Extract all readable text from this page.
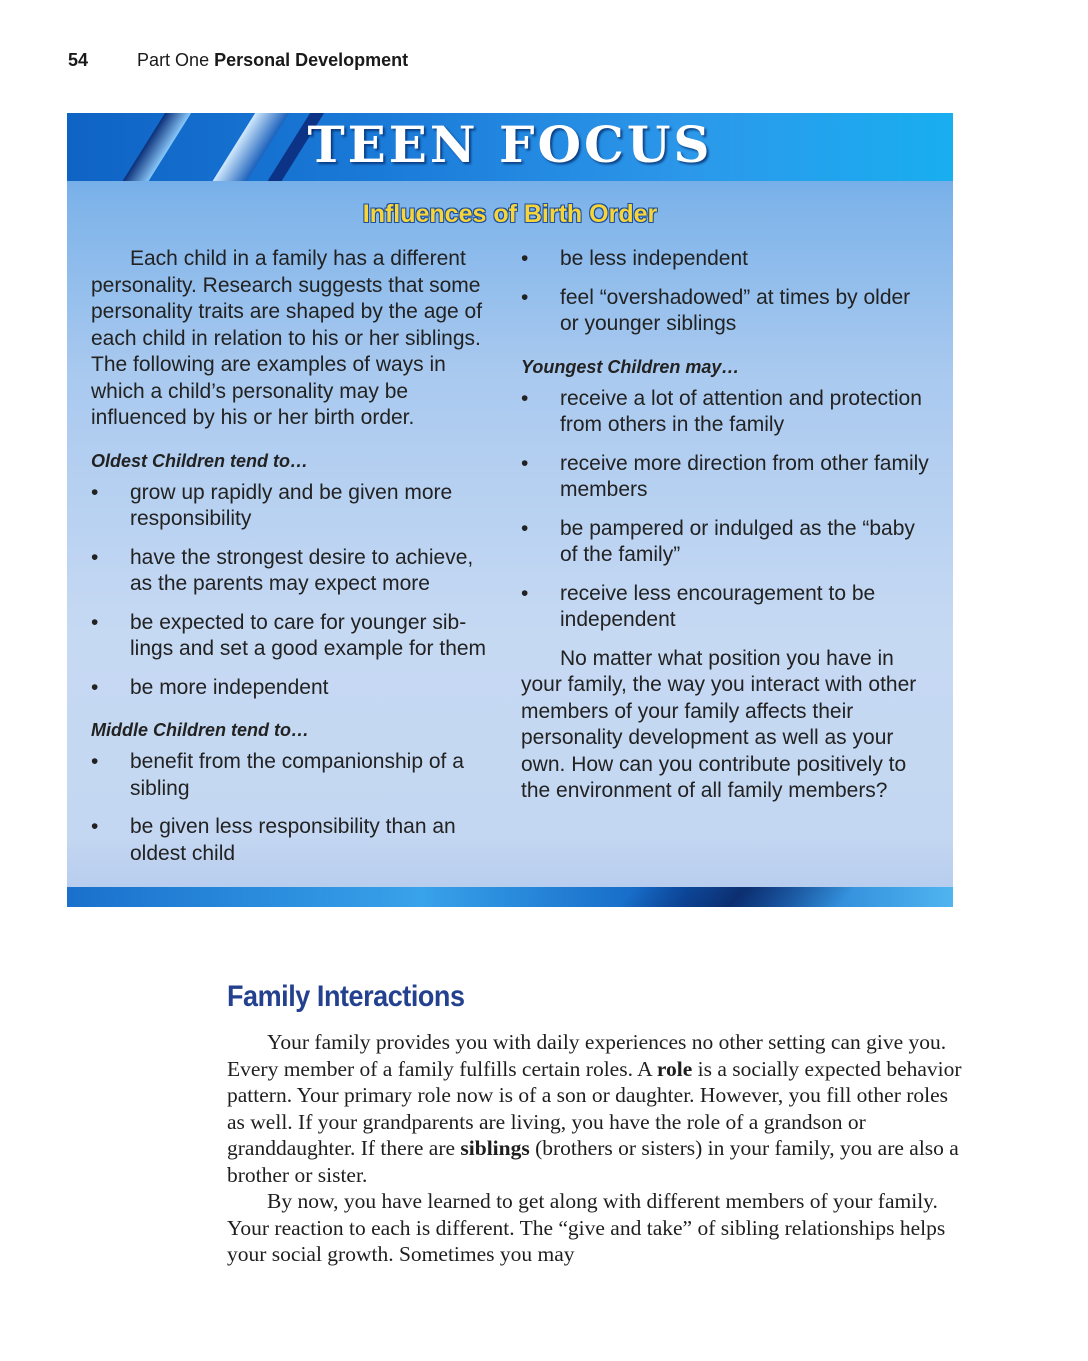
54	Part One Personal Development
TEEN FOCUS
Influences of Birth Order

Each child in a family has a different personality. Research suggests that some personality traits are shaped by the age of each child in relation to his or her siblings. The following are examples of ways in which a child’s personality may be influenced by his or her birth order.

Oldest Children tend to…
• grow up rapidly and be given more responsibility
• have the strongest desire to achieve, as the parents may expect more
• be expected to care for younger sib-lings and set a good example for them
• be more independent
Middle Children tend to…
• benefit from the companionship of a sibling
• be given less responsibility than an oldest child
• be less independent
• feel “overshadowed” at times by older or younger siblings
Youngest Children may…
• receive a lot of attention and protection from others in the family
• receive more direction from other family members
• be pampered or indulged as the “baby of the family”
• receive less encouragement to be independent

No matter what position you have in your family, the way you interact with other members of your family affects their personality development as well as your own. How can you contribute positively to the environment of all family members?

Family Interactions

Your family provides you with daily experiences no other setting can give you. Every member of a family fulfills certain roles. A role is a socially expected behavior pattern. Your primary role now is of a son or daughter. However, you fill other roles as well. If your grandparents are living, you have the role of a grandson or granddaughter. If there are siblings (brothers or sisters) in your family, you are also a brother or sister.

By now, you have learned to get along with different members of your family. Your reaction to each is different. The “give and take” of sibling relationships helps your social growth. Sometimes you may
